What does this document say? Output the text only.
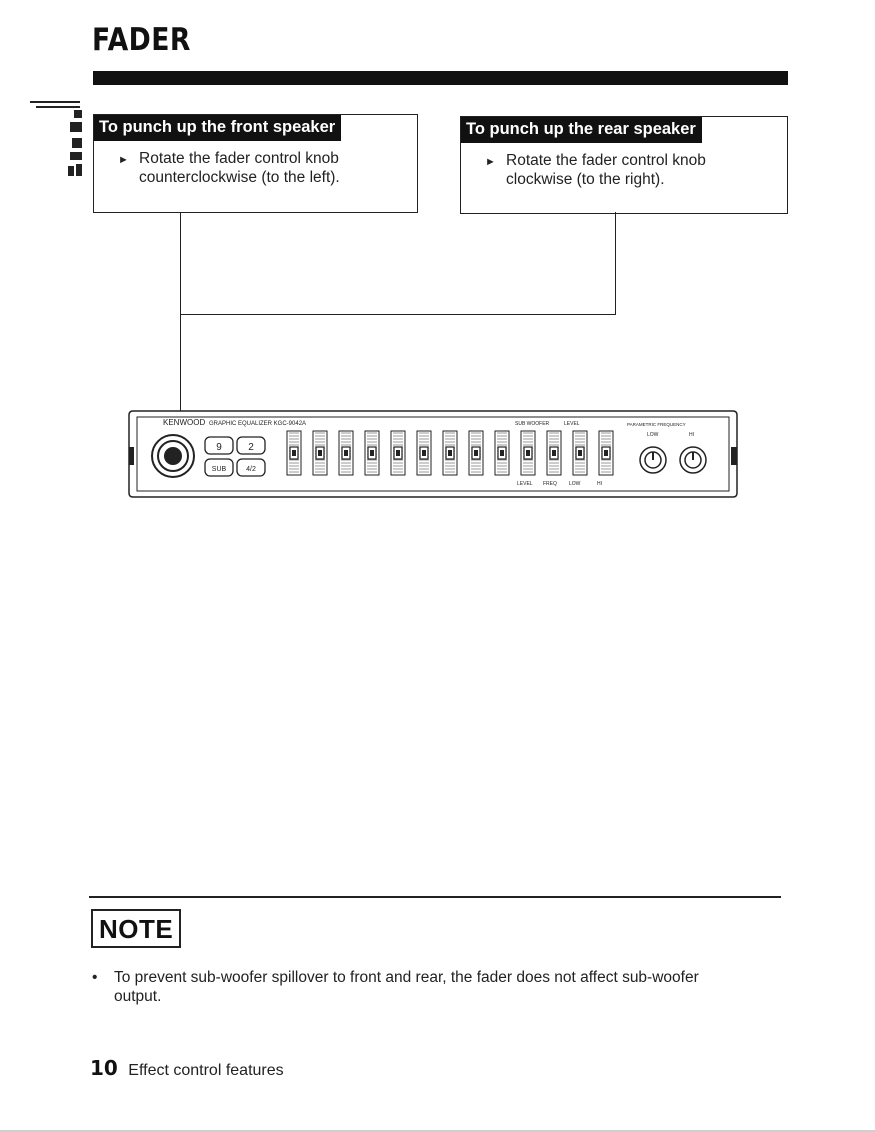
FADER
To punch up the front speaker
► Rotate the fader control knob
counterclockwise (to the left).
To punch up the rear speaker
► Rotate the fader control knob
clockwise (to the right).
KENWOOD GRAPHIC EQUALIZER KGC-9042A	SUB WOOFER	LEVEL	PARAMETRIC FREQUENCY
LOW	HI
9	2
SUB	4/2
LEVEL FREQ LOW	HI
NOTE
• To prevent sub-woofer spillover to front and rear, the fader does not affect sub-woofer
output.
10 Effect control features
